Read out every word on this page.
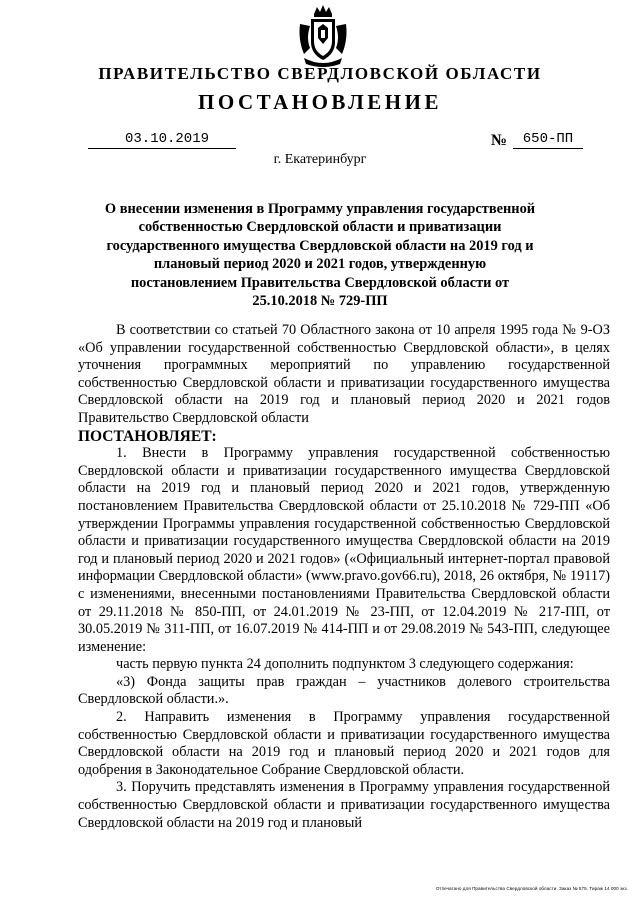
ПРАВИТЕЛЬСТВО СВЕРДЛОВСКОЙ ОБЛАСТИ
ПОСТАНОВЛЕНИЕ
03.10.2019	№	650-ПП
г. Екатеринбург
О внесении изменения в Программу управления государственной собственностью Свердловской области и приватизации государственного имущества Свердловской области на 2019 год и плановый период 2020 и 2021 годов, утвержденную постановлением Правительства Свердловской области от 25.10.2018 № 729-ПП

В соответствии со статьей 70 Областного закона от 10 апреля 1995 года № 9-ОЗ «Об управлении государственной собственностью Свердловской области», в целях уточнения программных мероприятий по управлению государственной собственностью Свердловской области и приватизации государственного имущества Свердловской области на 2019 год и плановый период 2020 и 2021 годов Правительство Свердловской области

ПОСТАНОВЛЯЕТ:

1. Внести в Программу управления государственной собственностью Свердловской области и приватизации государственного имущества Свердловской области на 2019 год и плановый период 2020 и 2021 годов, утвержденную постановлением Правительства Свердловской области от 25.10.2018 № 729-ПП «Об утверждении Программы управления государственной собственностью Свердловской области и приватизации государственного имущества Свердловской области на 2019 год и плановый период 2020 и 2021 годов» («Официальный интернет-портал правовой информации Свердловской области» (www.pravo.gov66.ru), 2018, 26 октября, № 19117) с изменениями, внесенными постановлениями Правительства Свердловской области от 29.11.2018 № 850-ПП, от 24.01.2019 № 23-ПП, от 12.04.2019 № 217-ПП, от 30.05.2019 № 311-ПП, от 16.07.2019 № 414-ПП и от 29.08.2019 № 543-ПП, следующее изменение:

часть первую пункта 24 дополнить подпунктом 3 следующего содержания:

«3) Фонда защиты прав граждан – участников долевого строительства Свердловской области.».

2. Направить изменения в Программу управления государственной собственностью Свердловской области и приватизации государственного имущества Свердловской области на 2019 год и плановый период 2020 и 2021 годов для одобрения в Законодательное Собрание Свердловской области.

3. Поручить представлять изменения в Программу управления государственной собственностью Свердловской области и приватизации государственного имущества Свердловской области на 2019 год и плановый

Отпечатано для Правительства Свердловской области. Заказ № 575. Тираж 14 000 экз.
